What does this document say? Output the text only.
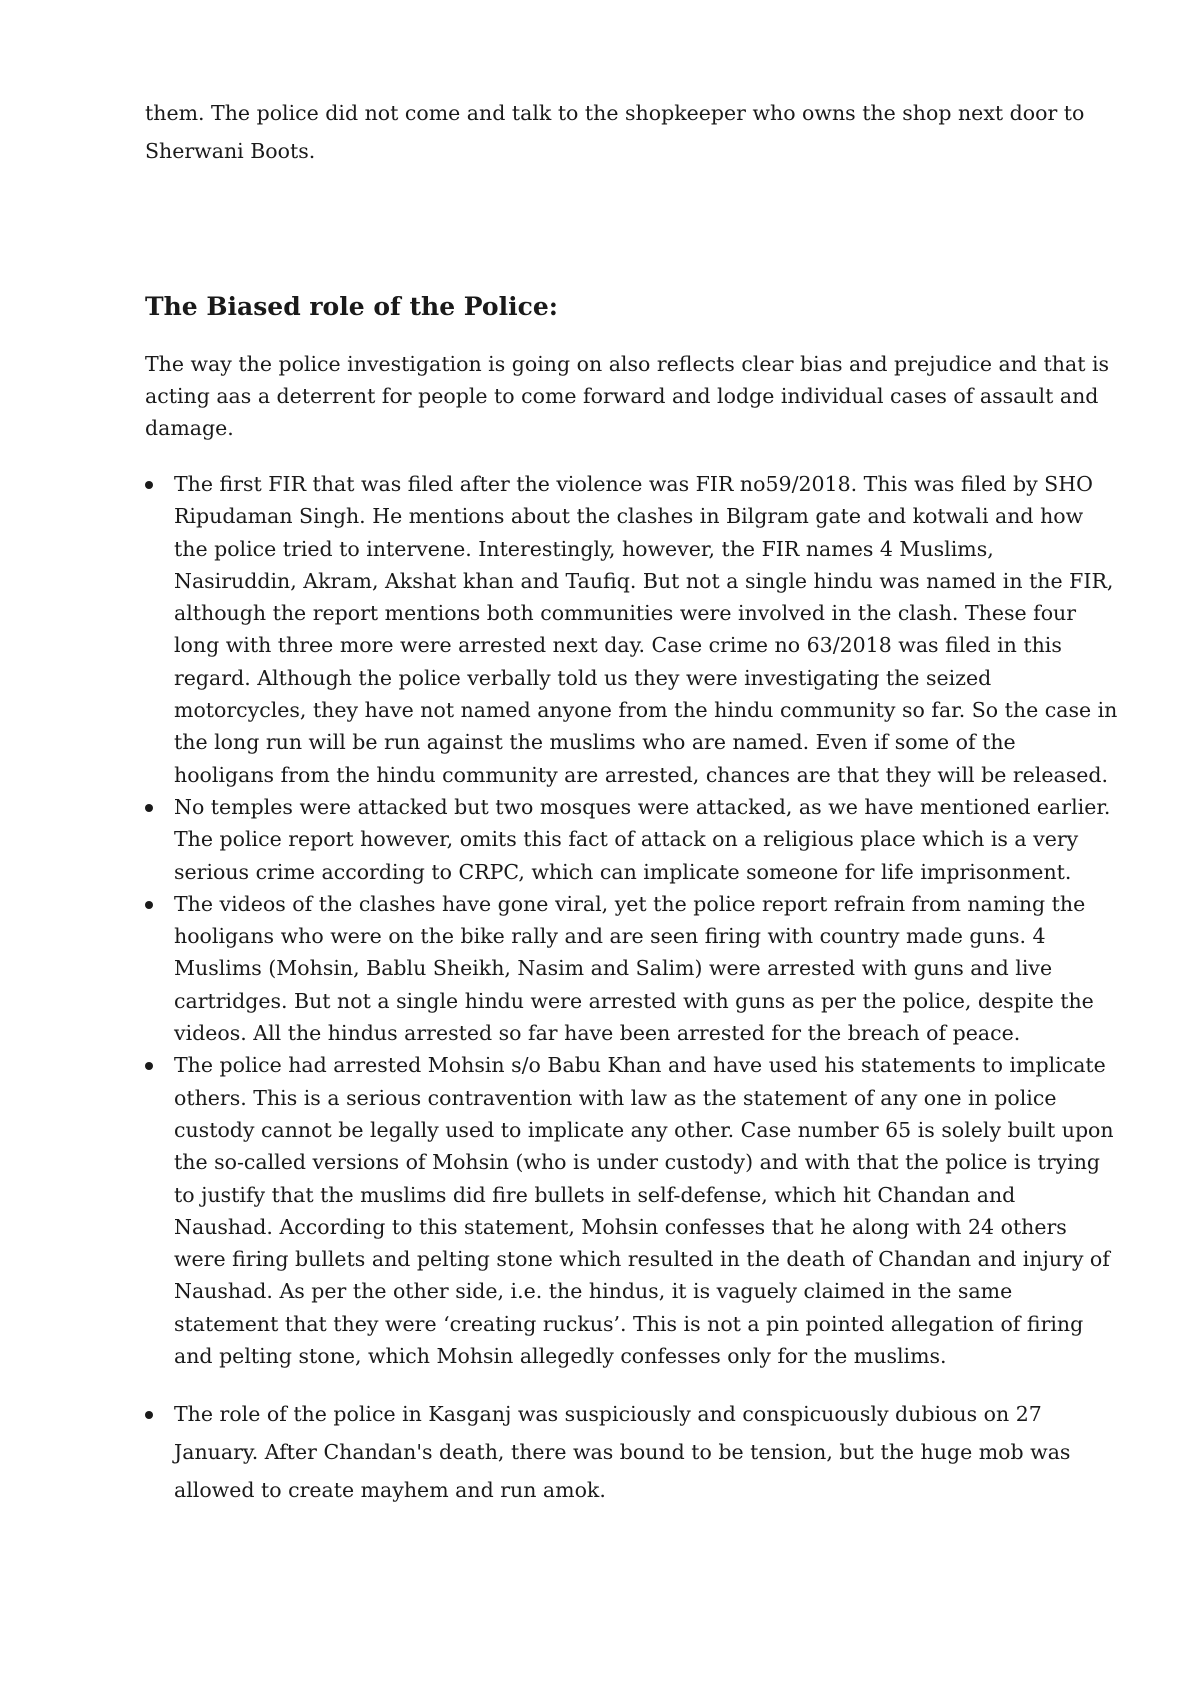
them. The police did not come and talk to the shopkeeper who owns the shop next door to Sherwani Boots.

The Biased role of the Police:

The way the police investigation is going on also reflects clear bias and prejudice and that is acting aas a deterrent for people to come forward and lodge individual cases of assault and damage.

The first FIR that was filed after the violence was FIR no59/2018. This was filed by SHO Ripudaman Singh. He mentions about the clashes in Bilgram gate and kotwali and how the police tried to intervene. Interestingly, however, the FIR names 4 Muslims, Nasiruddin, Akram, Akshat khan and Taufiq. But not a single hindu was named in the FIR, although the report mentions both communities were involved in the clash. These four long with three more were arrested next day. Case crime no 63/2018 was filed in this regard. Although the police verbally told us they were investigating the seized motorcycles, they have not named anyone from the hindu community so far. So the case in the long run will be run against the muslims who are named. Even if some of the hooligans from the hindu community are arrested, chances are that they will be released.
No temples were attacked but two mosques were attacked, as we have mentioned earlier. The police report however, omits this fact of attack on a religious place which is a very serious crime according to CRPC, which can implicate someone for life imprisonment.
The videos of the clashes have gone viral, yet the police report refrain from naming the hooligans who were on the bike rally and are seen firing with country made guns. 4 Muslims (Mohsin, Bablu Sheikh, Nasim and Salim) were arrested with guns and live cartridges. But not a single hindu were arrested with guns as per the police, despite the videos. All the hindus arrested so far have been arrested for the breach of peace.
The police had arrested Mohsin s/o Babu Khan and have used his statements to implicate others. This is a serious contravention with law as the statement of any one in police custody cannot be legally used to implicate any other. Case number 65 is solely built upon the so-called versions of Mohsin (who is under custody) and with that the police is trying to justify that the muslims did fire bullets in self-defense, which hit Chandan and Naushad. According to this statement, Mohsin confesses that he along with 24 others were firing bullets and pelting stone which resulted in the death of Chandan and injury of Naushad. As per the other side, i.e. the hindus, it is vaguely claimed in the same statement that they were ‘creating ruckus’. This is not a pin pointed allegation of firing and pelting stone, which Mohsin allegedly confesses only for the muslims.
The role of the police in Kasganj was suspiciously and conspicuously dubious on 27 January. After Chandan's death, there was bound to be tension, but the huge mob was allowed to create mayhem and run amok.
